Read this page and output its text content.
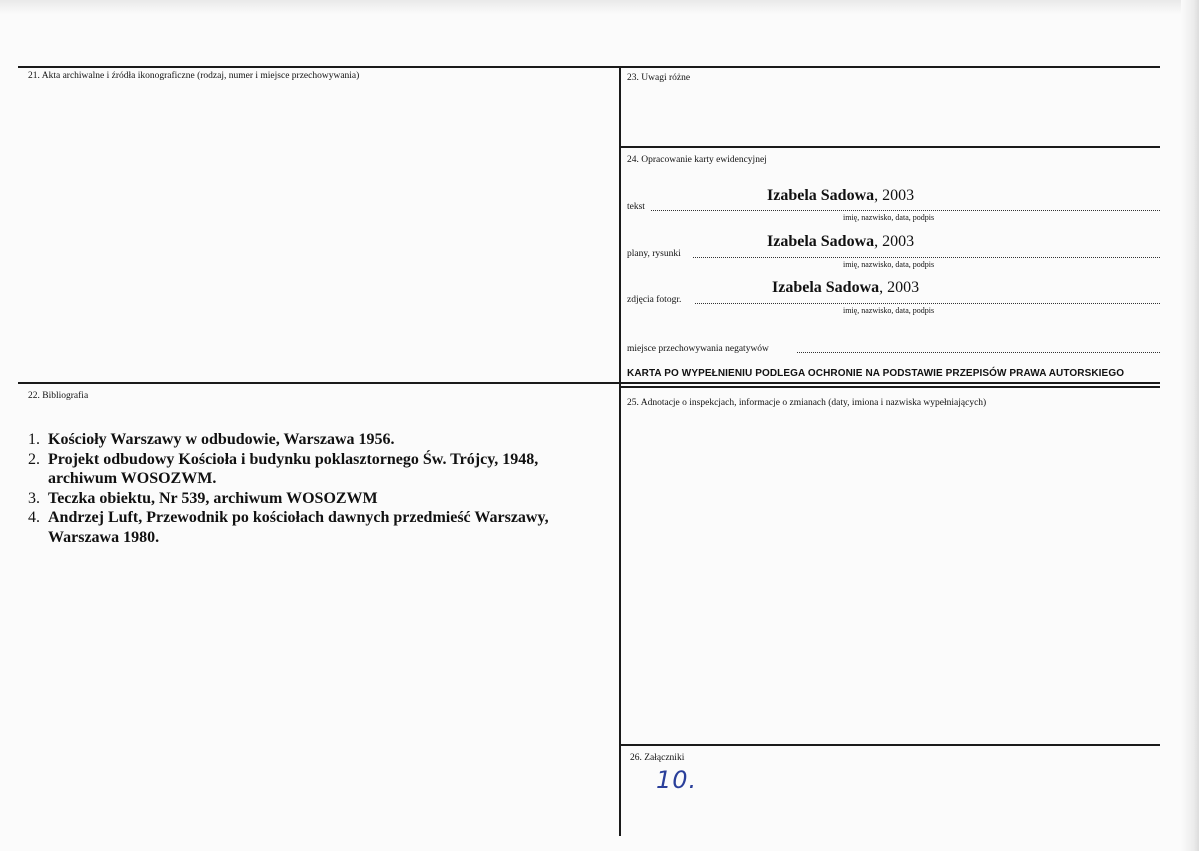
21. Akta archiwalne i źródła ikonograficzne (rodzaj, numer i miejsce przechowywania)	23. Uwagi różne
24. Opracowanie karty ewidencyjnej
Izabela Sadowa, 2003
tekst
imię, nazwisko, data, podpis
Izabela Sadowa, 2003
plany, rysunki
imię, nazwisko, data, podpis
Izabela Sadowa, 2003
zdjęcia fotogr.
imię, nazwisko, data, podpis
miejsce przechowywania negatywów
KARTA PO WYPEŁNIENIU PODLEGA OCHRONIE NA PODSTAWIE PRZEPISÓW PRAWA AUTORSKIEGO
22. Bibliografia
1. Kościoły Warszawy w odbudowie, Warszawa 1956.
2. Projekt odbudowy Kościoła i budynku poklasztornego Św. Trójcy, 1948, archiwum WOSOZWM.
3. Teczka obiektu, Nr 539, archiwum WOSOZWM
4. Andrzej Luft, Przewodnik po kościołach dawnych przedmieść Warszawy, Warszawa 1980.
25. Adnotacje o inspekcjach, informacje o zmianach (daty, imiona i nazwiska wypełniających)
26. Załączniki
10.
